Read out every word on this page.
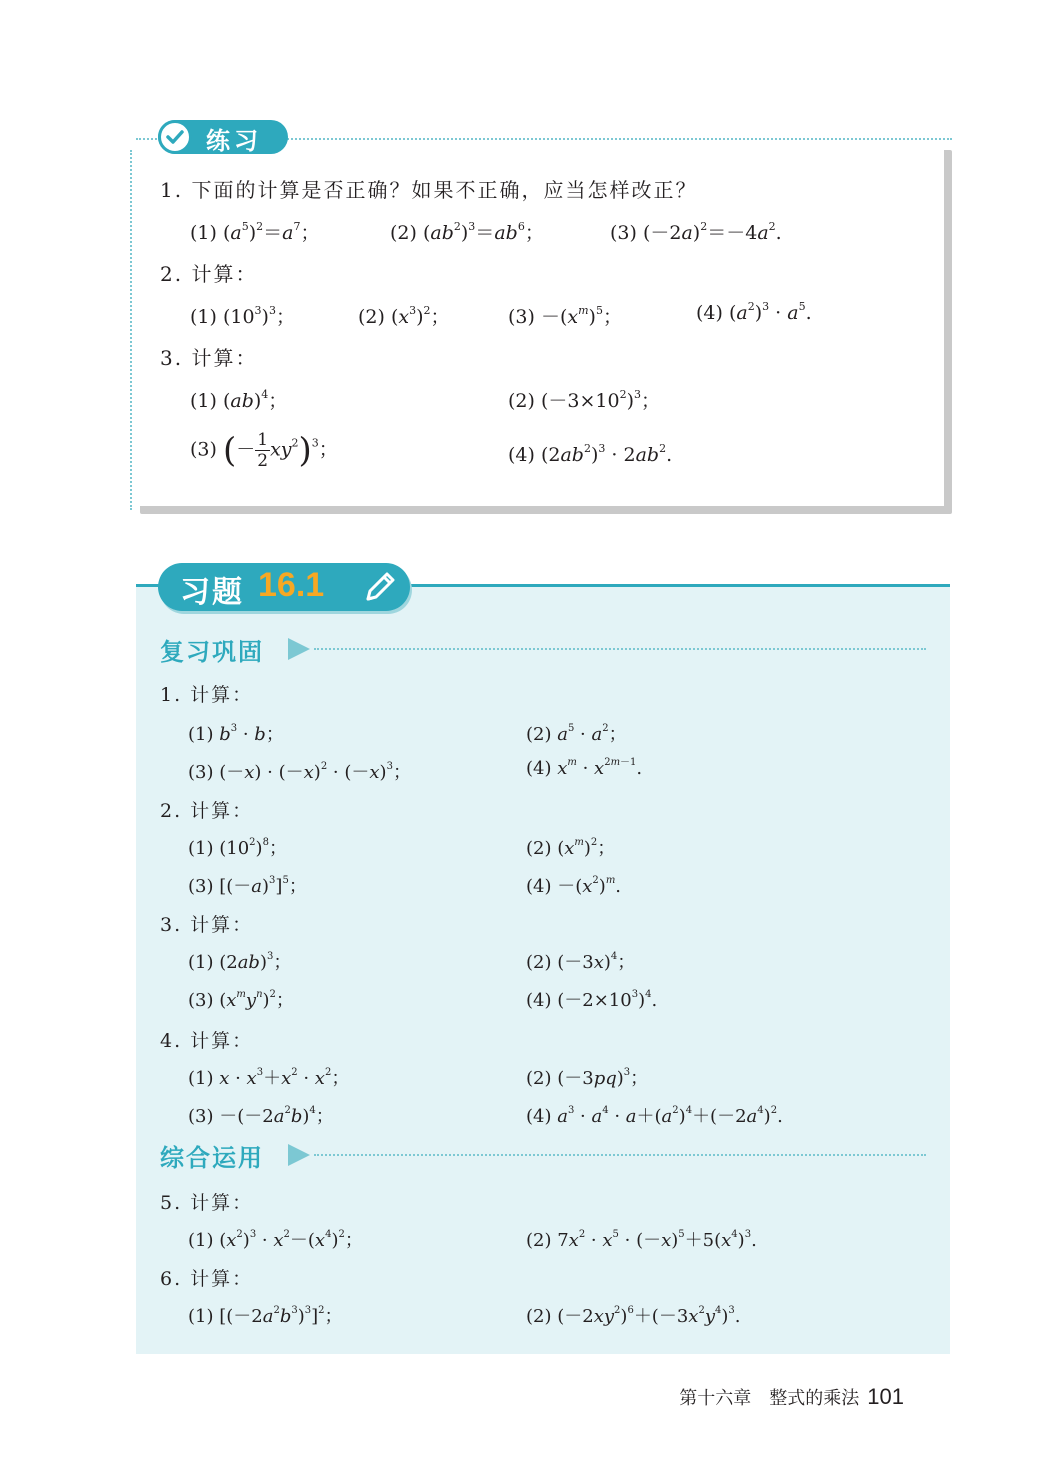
练习
1. 下面的计算是否正确？如果不正确，应当怎样改正？
(1) $(a^5)^2=a^7$；	(2) $(ab^2)^3=ab^6$；	(3) $(-2a)^2=-4a^2$.
2. 计算：
(1) $(10^3)^3$；	(2) $(x^3)^2$；	$(3) -(x^m)^5$；	(4) $(a^2)^3 \cdot a^5$.
3. 计算：
(1) (ab)$^4$；	(2) $(-3\times 10^2)^3$；
(3) (－ $\frac{1}{2} xy^2)^3$；	(4) $(2ab^2)^3 \cdot 2ab^2$.
习题 16.1
复习巩固
1. 计算：
(1) $b^3 \cdot b$；	(2) $a^5 \cdot a^2$；
(3) $(-x) \cdot (-x)^2 \cdot (-x)^3$；	(4) $x^m \cdot x^{2m-1}$.
2. 计算：
(1) $(10^2)^8$；	(2) $(x^m)^2$；
(3) $[(-a)^3]^5$；	$(4) -(x^2)^m$.
3. 计算：
(1) $(2ab)^3$；	(2) $(-3x)^4$；
(3) $(x^my^n)^2$；	(4) $(-2\times 10^3)^4$.
4. 计算：
(1) $x \cdot x^3+x^2 \cdot x^2$；	(2) $(-3pq)^3$；
$(3) -(-2a^2b)^4$；	(4) $a^3 \cdot a^4 \cdot a+(a^2)^4+(-2a^4)^2$.
综合运用
5. 计算：
(1) $(x^2)^3 \cdot x^2-(x^4)^2$；	(2) $7x^2 \cdot x^5 \cdot (-x)^5+5(x^4)^3$.
6. 计算：
(1) $[(-2a^2b^3)^3]^2$；	(2) $(-2xy^2)^6+(-3x^2y^4)^3$.
第十六章　整式的乘法 101
